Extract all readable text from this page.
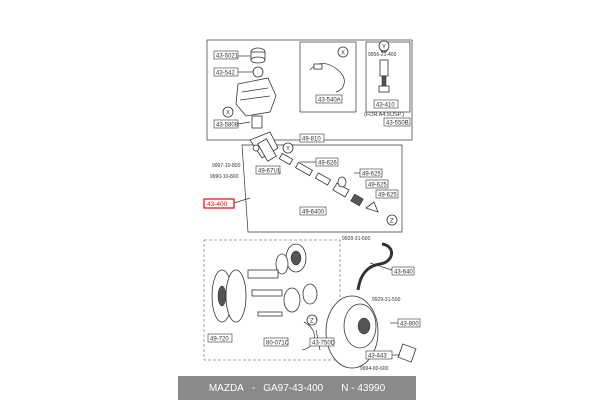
43-5021
43-542
43-540A
9956-21-400
43-410
(FOR A4.5USP.)
43-550B
43-5808
49-810
49-626
9997-10-800
9990-10-800
49-67UL	49-625
49-625
49-625
43-400
49-6400
9928-31-500
43-640
9929-31-500
43-800
49-720
80-071C	43-750D
43-443
9994-00-600
X
Y
X
Y
Z
Z
MAZDA - GA97-43-400 N - 43990
